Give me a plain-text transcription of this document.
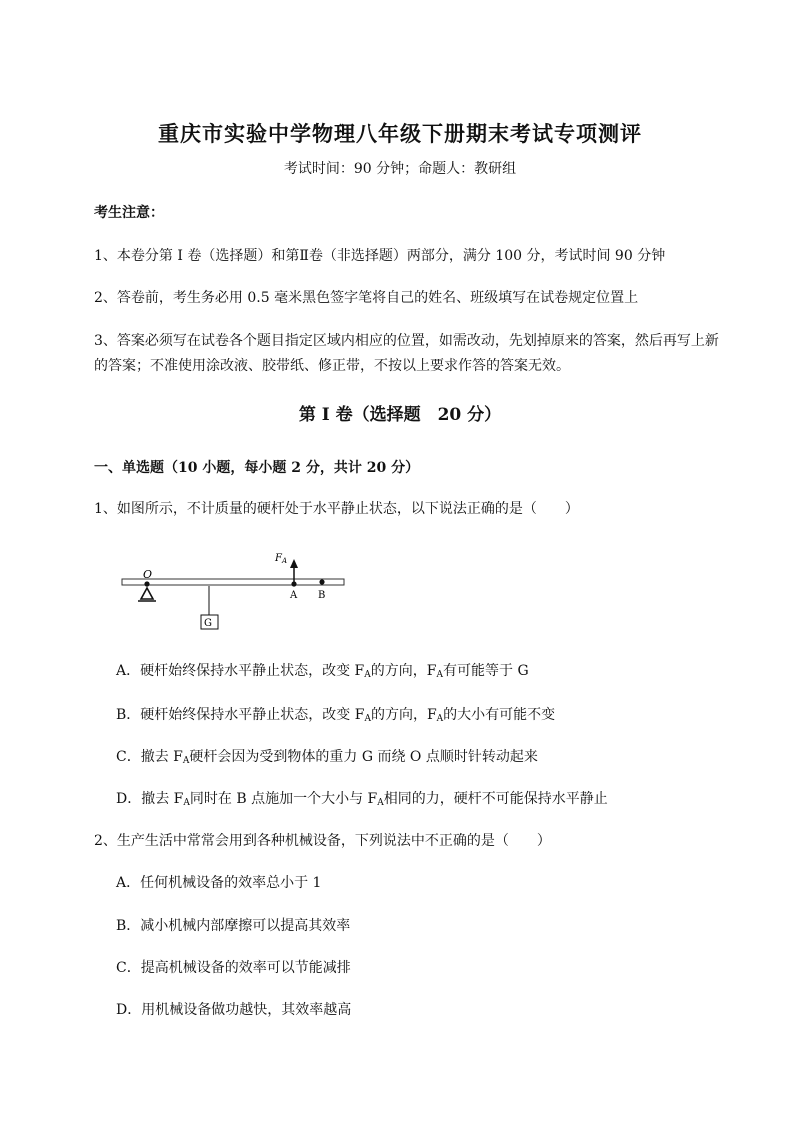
重庆市实验中学物理八年级下册期末考试专项测评
考试时间：90 分钟；命题人：教研组
考生注意：
1、本卷分第 I 卷（选择题）和第Ⅱ卷（非选择题）两部分，满分 100 分，考试时间 90 分钟
2、答卷前，考生务必用 0.5 毫米黑色签字笔将自己的姓名、班级填写在试卷规定位置上
3、答案必须写在试卷各个题目指定区域内相应的位置，如需改动，先划掉原来的答案，然后再写上新
的答案；不准使用涂改液、胶带纸、修正带，不按以上要求作答的答案无效。
第 I 卷（选择题　20 分）
一、单选题（10 小题，每小题 2 分，共计 20 分）
1、如图所示，不计质量的硬杆处于水平静止状态，以下说法正确的是（　　）
O
$F_A$
A B
G
A．硬杆始终保持水平静止状态，改变 $F_A$的方向，$F_A$有可能等于 G
B．硬杆始终保持水平静止状态，改变 $F_A$的方向，$F_A$的大小有可能不变
C．撤去 $F_A$硬杆会因为受到物体的重力 G 而绕 O 点顺时针转动起来
D．撤去 $F_A$同时在 B 点施加一个大小与 $F_A$相同的力，硬杆不可能保持水平静止
2、生产生活中常常会用到各种机械设备，下列说法中不正确的是（　　）
A．任何机械设备的效率总小于 1
B．减小机械内部摩擦可以提高其效率
C．提高机械设备的效率可以节能减排
D．用机械设备做功越快，其效率越高
